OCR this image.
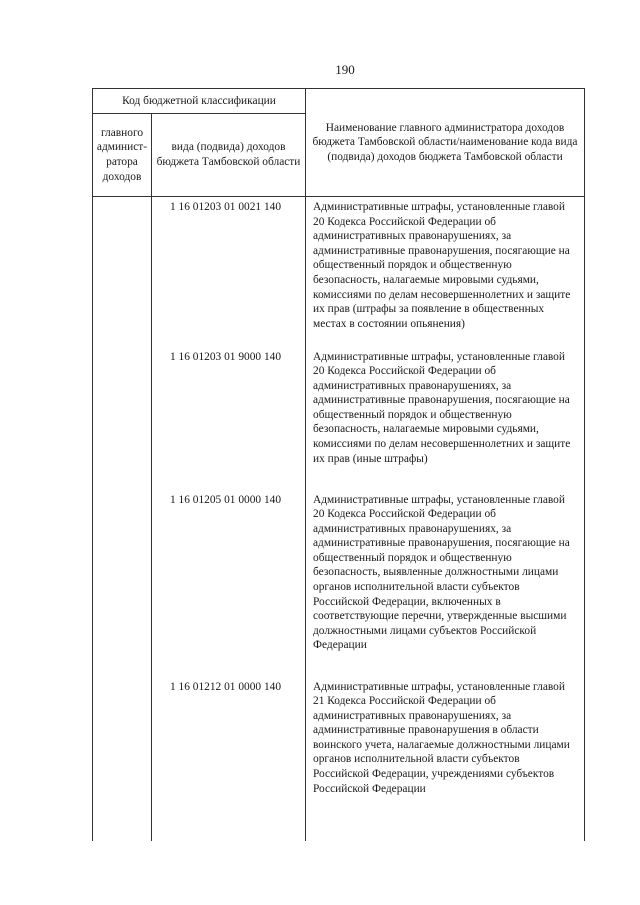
190
Код бюджетной классификации		Наименование главного администратора доходов бюджета Тамбовской области/наименование кода вида (подвида) доходов бюджета Тамбовской области
главного админист-ратора доходов	вида (подвида) доходов бюджета Тамбовской области	
	1 16 01203 01 0021 140	Административные штрафы, установленные главой 20 Кодекса Российской Федерации об административных правонарушениях, за административные правонарушения, посягающие на общественный порядок и общественную безопасность, налагаемые мировыми судьями, комиссиями по делам несовершеннолетних и защите их прав (штрафы за появление в общественных местах в состоянии опьянения)
	1 16 01203 01 9000 140	Административные штрафы, установленные главой 20 Кодекса Российской Федерации об административных правонарушениях, за административные правонарушения, посягающие на общественный порядок и общественную безопасность, налагаемые мировыми судьями, комиссиями по делам несовершеннолетних и защите их прав (иные штрафы)
	1 16 01205 01 0000 140	Административные штрафы, установленные главой 20 Кодекса Российской Федерации об административных правонарушениях, за административные правонарушения, посягающие на общественный порядок и общественную безопасность, выявленные должностными лицами органов исполнительной власти субъектов Российской Федерации, включенных в соответствующие перечни, утвержденные высшими должностными лицами субъектов Российской Федерации
	1 16 01212 01 0000 140	Административные штрафы, установленные главой 21 Кодекса Российской Федерации об административных правонарушениях, за административные правонарушения в области воинского учета, налагаемые должностными лицами органов исполнительной власти субъектов Российской Федерации, учреждениями субъектов Российской Федерации
